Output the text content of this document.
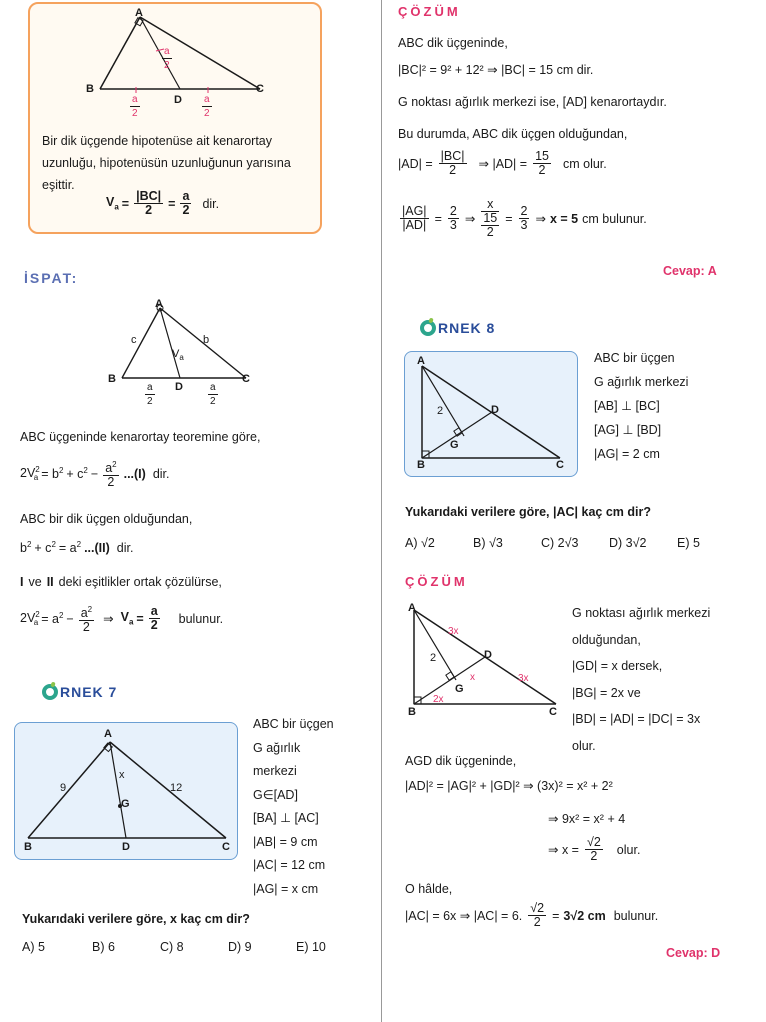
A
B	C
D
$\frac{a}{2}$
$\frac{a}{2}$	$\frac{a}{2}$
Bir dik üçgende hipotenüse ait kenarortay
uzunluğu, hipotenüsün uzunluğunun yarısına
eşittir.
$V_a = \frac{|BC|}{2} = \frac{a}{2}$ dir.
İSPAT:
A
B	C
D
c	b
$V_a$
$\frac{a}{2}$	$\frac{a}{2}$
ABC üçgeninde kenarortay teoremine göre,
$2V^2_a = b^2 + c^2 - \frac{a^2}{2} ...(I)$ dir.
ABC bir dik üçgen olduğundan,
$b^2 + c^2 = a^2$ ...(II) dir.
I ve II deki eşitlikler ortak çözülürse,
$2V^2_a = a^2 - \frac{a^2}{2}$ ⇒ $V_a = \frac{a}{2}$ bulunur.
RNEK 7
A
B	C
D
G
x
9	12
ABC bir üçgen
G ağırlık
merkezi
G∈[AD]
[BA] ⊥ [AC]
|AB| = 9 cm
|AC| = 12 cm
|AG| = x cm
Yukarıdaki verilere göre, x kaç cm dir?
A) 5	B) 6	C) 8	D) 9	E) 10
ÇÖZÜM
ABC dik üçgeninde,
|BC|² = 9² + 12² ⇒ |BC| = 15 cm dir.
G noktası ağırlık merkezi ise, [AD] kenarortaydır.
Bu durumda, ABC dik üçgen olduğundan,
$|AD| = \frac{|BC|}{2}$ ⇒ $|AD| = \frac{15}{2}$ cm olur.
$\frac{|AG|}{|AD|} = \frac{2}{3}$ ⇒ $\frac{x}{\frac{15}{2}} = \frac{2}{3}$ ⇒ x = 5 cm bulunur.
Cevap: A
RNEK 8
A
B	C
D
G
2
ABC bir üçgen
G ağırlık merkezi
[AB] ⊥ [BC]
[AG] ⊥ [BD]
|AG| = 2 cm
Yukarıdaki verilere göre, |AC| kaç cm dir?
A) √2	B) √3	C) 2√3	D) 3√2	E) 5
ÇÖZÜM
A
B	C
D
G
2
3x
3x
x
2x
G noktası ağırlık merkezi
olduğundan,
|GD| = x dersek,
|BG| = 2x ve
|BD| = |AD| = |DC| = 3x
olur.
AGD dik üçgeninde,
|AD|² = |AG|² + |GD|² ⇒ (3x)² = x² + 2²
⇒ 9x² = x² + 4
⇒ $x = \frac{√2}{2}$ olur.
O hâlde,
|AC| = 6x ⇒ |AC| = 6. $\frac{√2}{2} = 3√2$ cm bulunur.
Cevap: D
